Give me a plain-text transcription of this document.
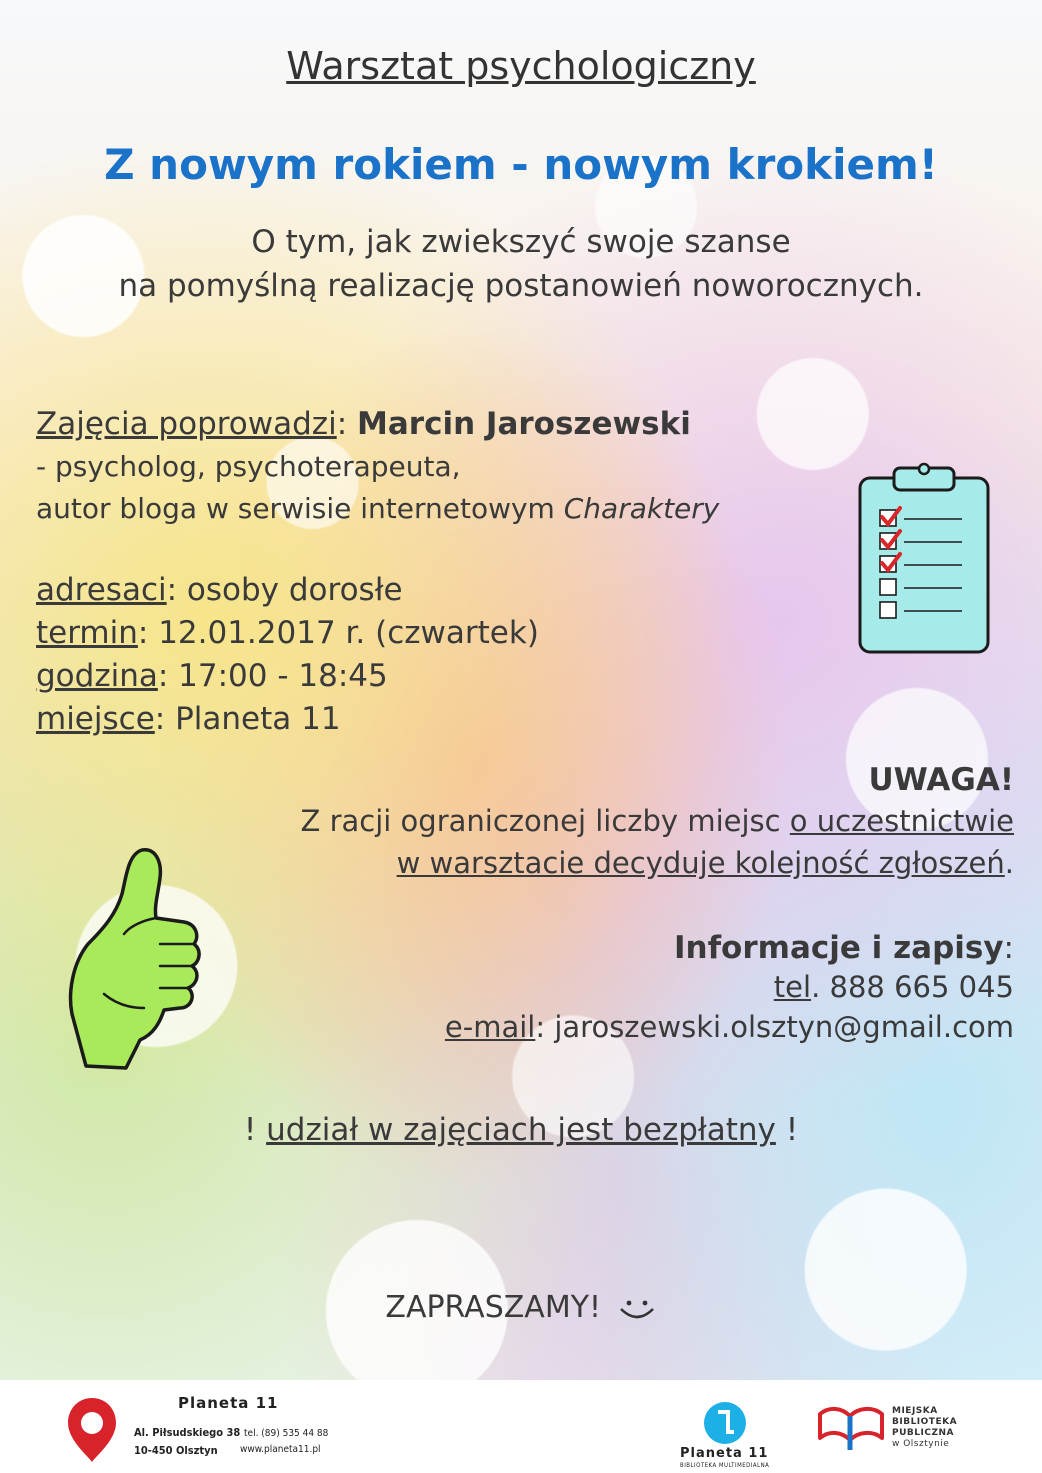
Warsztat psychologiczny
Z nowym rokiem - nowym krokiem!
O tym, jak zwiekszyć swoje szanse
na pomyślną realizację postanowień noworocznych.
Zajęcia poprowadzi: Marcin Jaroszewski
- psycholog, psychoterapeuta,
autor bloga w serwisie internetowym Charaktery
adresaci: osoby dorosłe
termin: 12.01.2017 r. (czwartek)
godzina: 17:00 - 18:45
miejsce: Planeta 11
UWAGA!
Z racji ograniczonej liczby miejsc o uczestnictwie
w warsztacie decyduje kolejność zgłoszeń.
Informacje i zapisy:
tel. 888 665 045
e-mail: jaroszewski.olsztyn@gmail.com
! udział w zajęciach jest bezpłatny !
ZAPRASZAMY!
Planeta 11
Al. Piłsudskiego 38
10-450 Olsztyn
tel. (89) 535 44 88
www.planeta11.pl	Planeta 11
BIBLIOTEKA MULTIMEDIALNA
MIEJSKA
BIBLIOTEKA
PUBLICZNA
w Olsztynie
